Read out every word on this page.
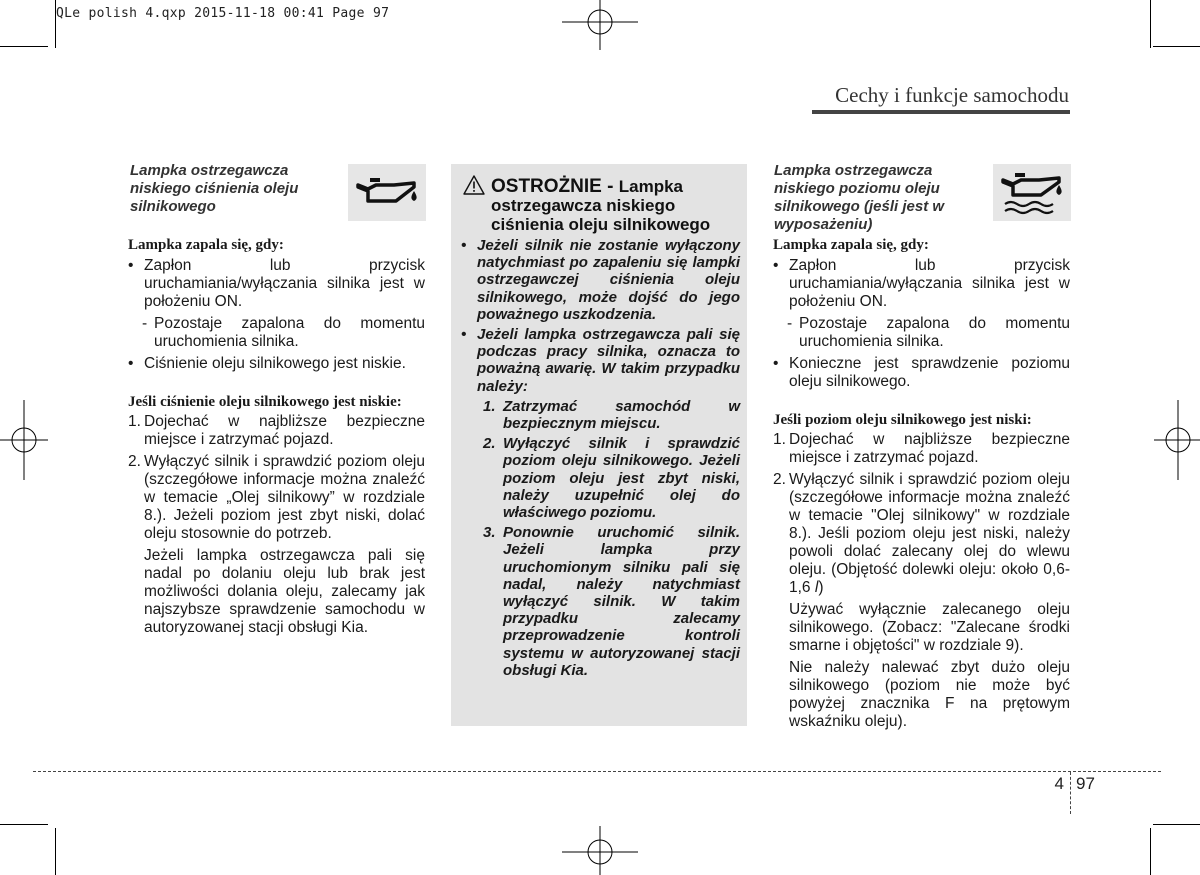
QLe polish 4.qxp 2015-11-18 00:41 Page 97
Cechy i funkcje samochodu
Lampka ostrzegawcza niskiego ciśnienia oleju silnikowego

Lampka zapala się, gdy:

• Zapłon lub przycisk uruchamiania/wyłączania silnika jest w położeniu ON.
- Pozostaje zapalona do momentu uruchomienia silnika.
• Ciśnienie oleju silnikowego jest niskie.

Jeśli ciśnienie oleju silnikowego jest niskie:

1. Dojechać w najbliższe bezpieczne miejsce i zatrzymać pojazd.
2. Wyłączyć silnik i sprawdzić poziom oleju (szczegółowe informacje można znaleźć w temacie „Olej silnikowy” w rozdziale 8.). Jeżeli poziom jest zbyt niski, dolać oleju stosownie do potrzeb.
Jeżeli lampka ostrzegawcza pali się nadal po dolaniu oleju lub brak jest możliwości dolania oleju, zalecamy jak najszybsze sprawdzenie samochodu w autoryzowanej stacji obsługi Kia.
OSTROŻNIE - Lampka ostrzegawcza niskiego ciśnienia oleju silnikowego
• Jeżeli silnik nie zostanie wyłączony natychmiast po zapaleniu się lampki ostrzegawczej ciśnienia oleju silnikowego, może dojść do jego poważnego uszkodzenia.
• Jeżeli lampka ostrzegawcza pali się podczas pracy silnika, oznacza to poważną awarię. W takim przypadku należy:
1. Zatrzymać samochód w bezpiecznym miejscu.
2. Wyłączyć silnik i sprawdzić poziom oleju silnikowego. Jeżeli poziom oleju jest zbyt niski, należy uzupełnić olej do właściwego poziomu.
3. Ponownie uruchomić silnik. Jeżeli lampka przy uruchomionym silniku pali się nadal, należy natychmiast wyłączyć silnik. W takim przypadku zalecamy przeprowadzenie kontroli systemu w autoryzowanej stacji obsługi Kia.
Lampka ostrzegawcza niskiego poziomu oleju silnikowego (jeśli jest w wyposażeniu)

Lampka zapala się, gdy:

• Zapłon lub przycisk uruchamiania/wyłączania silnika jest w położeniu ON.
- Pozostaje zapalona do momentu uruchomienia silnika.
• Konieczne jest sprawdzenie poziomu oleju silnikowego.

Jeśli poziom oleju silnikowego jest niski:

1. Dojechać w najbliższe bezpieczne miejsce i zatrzymać pojazd.
2. Wyłączyć silnik i sprawdzić poziom oleju (szczegółowe informacje można znaleźć w temacie "Olej silnikowy" w rozdziale 8.). Jeśli poziom oleju jest niski, należy powoli dolać zalecany olej do wlewu oleju. (Objętość dolewki oleju: około 0,6-1,6 l)
Używać wyłącznie zalecanego oleju silnikowego. (Zobacz: "Zalecane środki smarne i objętości" w rozdziale 9).
Nie należy nalewać zbyt dużo oleju silnikowego (poziom nie może być powyżej znacznika F na prętowym wskaźniku oleju).
4 97
